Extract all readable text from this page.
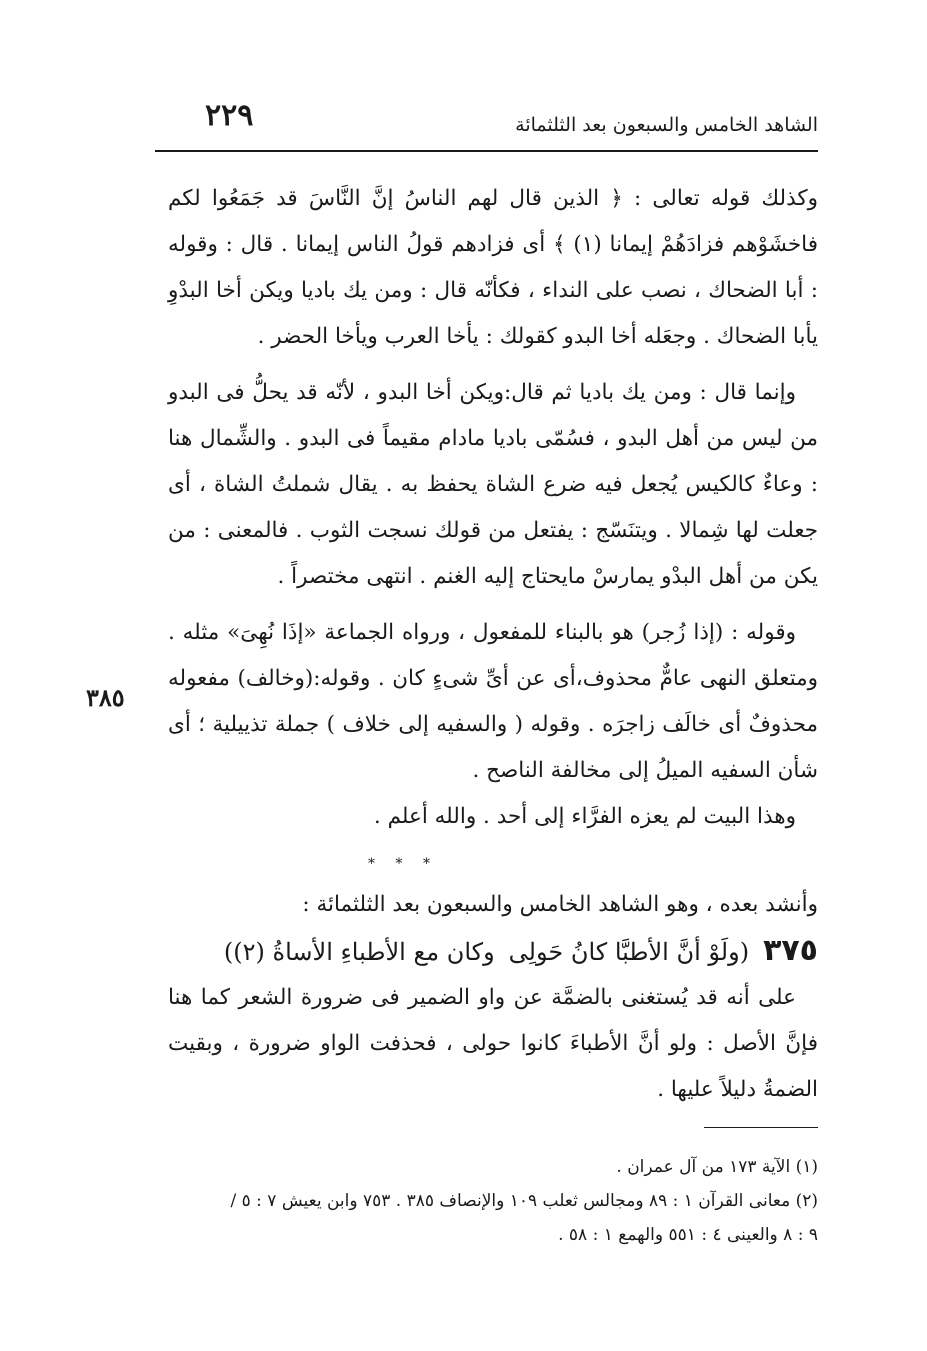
الشاهد الخامس والسبعون بعد الثلثمائة
٢٢٩
٣٨٥

وكذلك قوله تعالى : ﴿ الذين قال لهم الناسُ إنَّ النَّاسَ قد جَمَعُوا لكم فاخشَوْهم فزادَهُمْ إيمانا (١) ﴾ أى فزادهم قولُ الناس إيمانا . قال : وقوله : أبا الضحاك ، نصب على النداء ، فكأنّه قال : ومن يك باديا ويكن أخا البدْوِ يأبا الضحاك . وجعَله أخا البدو كقولك : يأخا العرب ويأخا الحضر .

وإنما قال : ومن يك باديا ثم قال:ويكن أخا البدو ، لأنّه قد يحلُّ فى البدو من ليس من أهل البدو ، فسُمّى باديا مادام مقيماً فى البدو . والشِّمال هنا : وعاءٌ كالكيس يُجعل فيه ضرع الشاة يحفظ به . يقال شملتُ الشاة ، أى جعلت لها شِمالا . ويتنَسّج : يفتعل من قولك نسجت الثوب . فالمعنى : من يكن من أهل البدْو يمارسْ مايحتاج إليه الغنم . انتهى مختصراً .

وقوله : (إذا زُجر) هو بالبناء للمفعول ، ورواه الجماعة «إذَا نُهِىَ» مثله . ومتعلق النهى عامٌّ محذوف،أى عن أىِّ شىءٍ كان . وقوله:(وخالف) مفعوله محذوفٌ أى خالَف زاجرَه . وقوله ( والسفيه إلى خلاف ) جملة تذييلية ؛ أى شأن السفيه الميلُ إلى مخالفة الناصح .

وهذا البيت لم يعزه الفرَّاء إلى أحد . والله أعلم .

* * *

وأنشد بعده ، وهو الشاهد الخامس والسبعون بعد الثلثمائة :

٣٧٥
(ولَوْ أنَّ الأطبَّا كانُ حَولِى
وكان مع الأطباءِ الأساةُ (٢))

على أنه قد يُستغنى بالضمَّة عن واو الضمير فى ضرورة الشعر كما هنا فإنَّ الأصل : ولو أنَّ الأطباءَ كانوا حولى ، فحذفت الواو ضرورة ، وبقيت الضمةُ دليلاً عليها .

(١) الآية ١٧٣ من آل عمران .

(٢) معانى القرآن ١ : ٨٩ ومجالس ثعلب ١٠٩ والإنصاف ٣٨٥ . ٧٥٣ وابن يعيش ٧ : ٥ /

٩ : ٨ والعينى ٤ : ٥٥١ والهمع ١ : ٥٨ .
